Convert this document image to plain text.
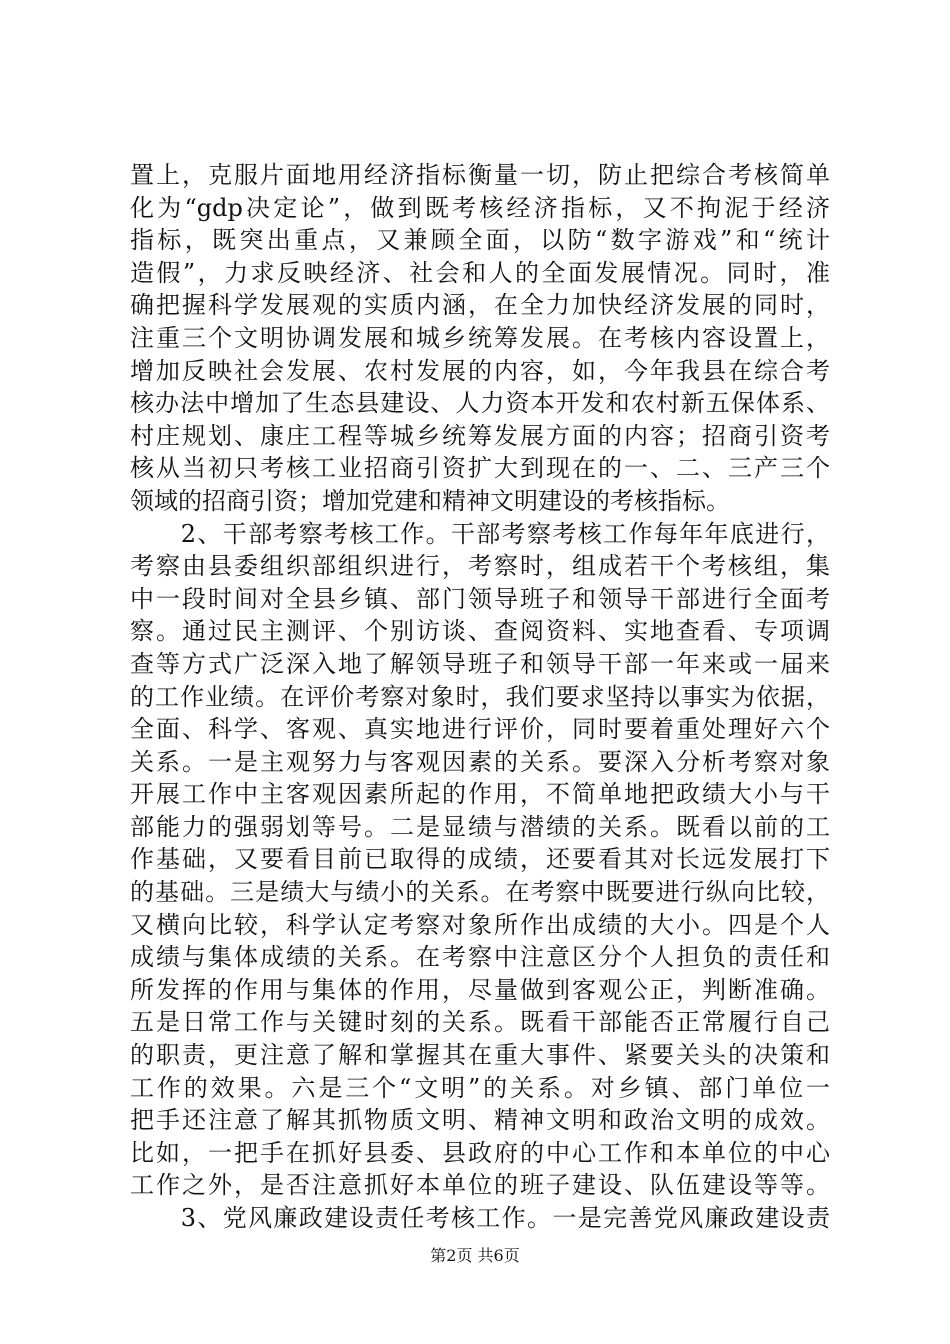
置上，克服片面地用经济指标衡量一切，防止把综合考核简单
化为“gdp决定论”，做到既考核经济指标，又不拘泥于经济
指标，既突出重点，又兼顾全面，以防“数字游戏”和“统计
造假”，力求反映经济、社会和人的全面发展情况。同时，准
确把握科学发展观的实质内涵，在全力加快经济发展的同时，
注重三个文明协调发展和城乡统筹发展。在考核内容设置上，
增加反映社会发展、农村发展的内容，如，今年我县在综合考
核办法中增加了生态县建设、人力资本开发和农村新五保体系、
村庄规划、康庄工程等城乡统筹发展方面的内容；招商引资考
核从当初只考核工业招商引资扩大到现在的一、二、三产三个
领域的招商引资；增加党建和精神文明建设的考核指标。
　　2、干部考察考核工作。干部考察考核工作每年年底进行，
考察由县委组织部组织进行，考察时，组成若干个考核组，集
中一段时间对全县乡镇、部门领导班子和领导干部进行全面考
察。通过民主测评、个别访谈、查阅资料、实地查看、专项调
查等方式广泛深入地了解领导班子和领导干部一年来或一届来
的工作业绩。在评价考察对象时，我们要求坚持以事实为依据，
全面、科学、客观、真实地进行评价，同时要着重处理好六个
关系。一是主观努力与客观因素的关系。要深入分析考察对象
开展工作中主客观因素所起的作用，不简单地把政绩大小与干
部能力的强弱划等号。二是显绩与潜绩的关系。既看以前的工
作基础，又要看目前已取得的成绩，还要看其对长远发展打下
的基础。三是绩大与绩小的关系。在考察中既要进行纵向比较，
又横向比较，科学认定考察对象所作出成绩的大小。四是个人
成绩与集体成绩的关系。在考察中注意区分个人担负的责任和
所发挥的作用与集体的作用，尽量做到客观公正，判断准确。
五是日常工作与关键时刻的关系。既看干部能否正常履行自己
的职责，更注意了解和掌握其在重大事件、紧要关头的决策和
工作的效果。六是三个“文明”的关系。对乡镇、部门单位一
把手还注意了解其抓物质文明、精神文明和政治文明的成效。
比如，一把手在抓好县委、县政府的中心工作和本单位的中心
工作之外，是否注意抓好本单位的班子建设、队伍建设等等。
　　3、党风廉政建设责任考核工作。一是完善党风廉政建设责
第2页 共6页
